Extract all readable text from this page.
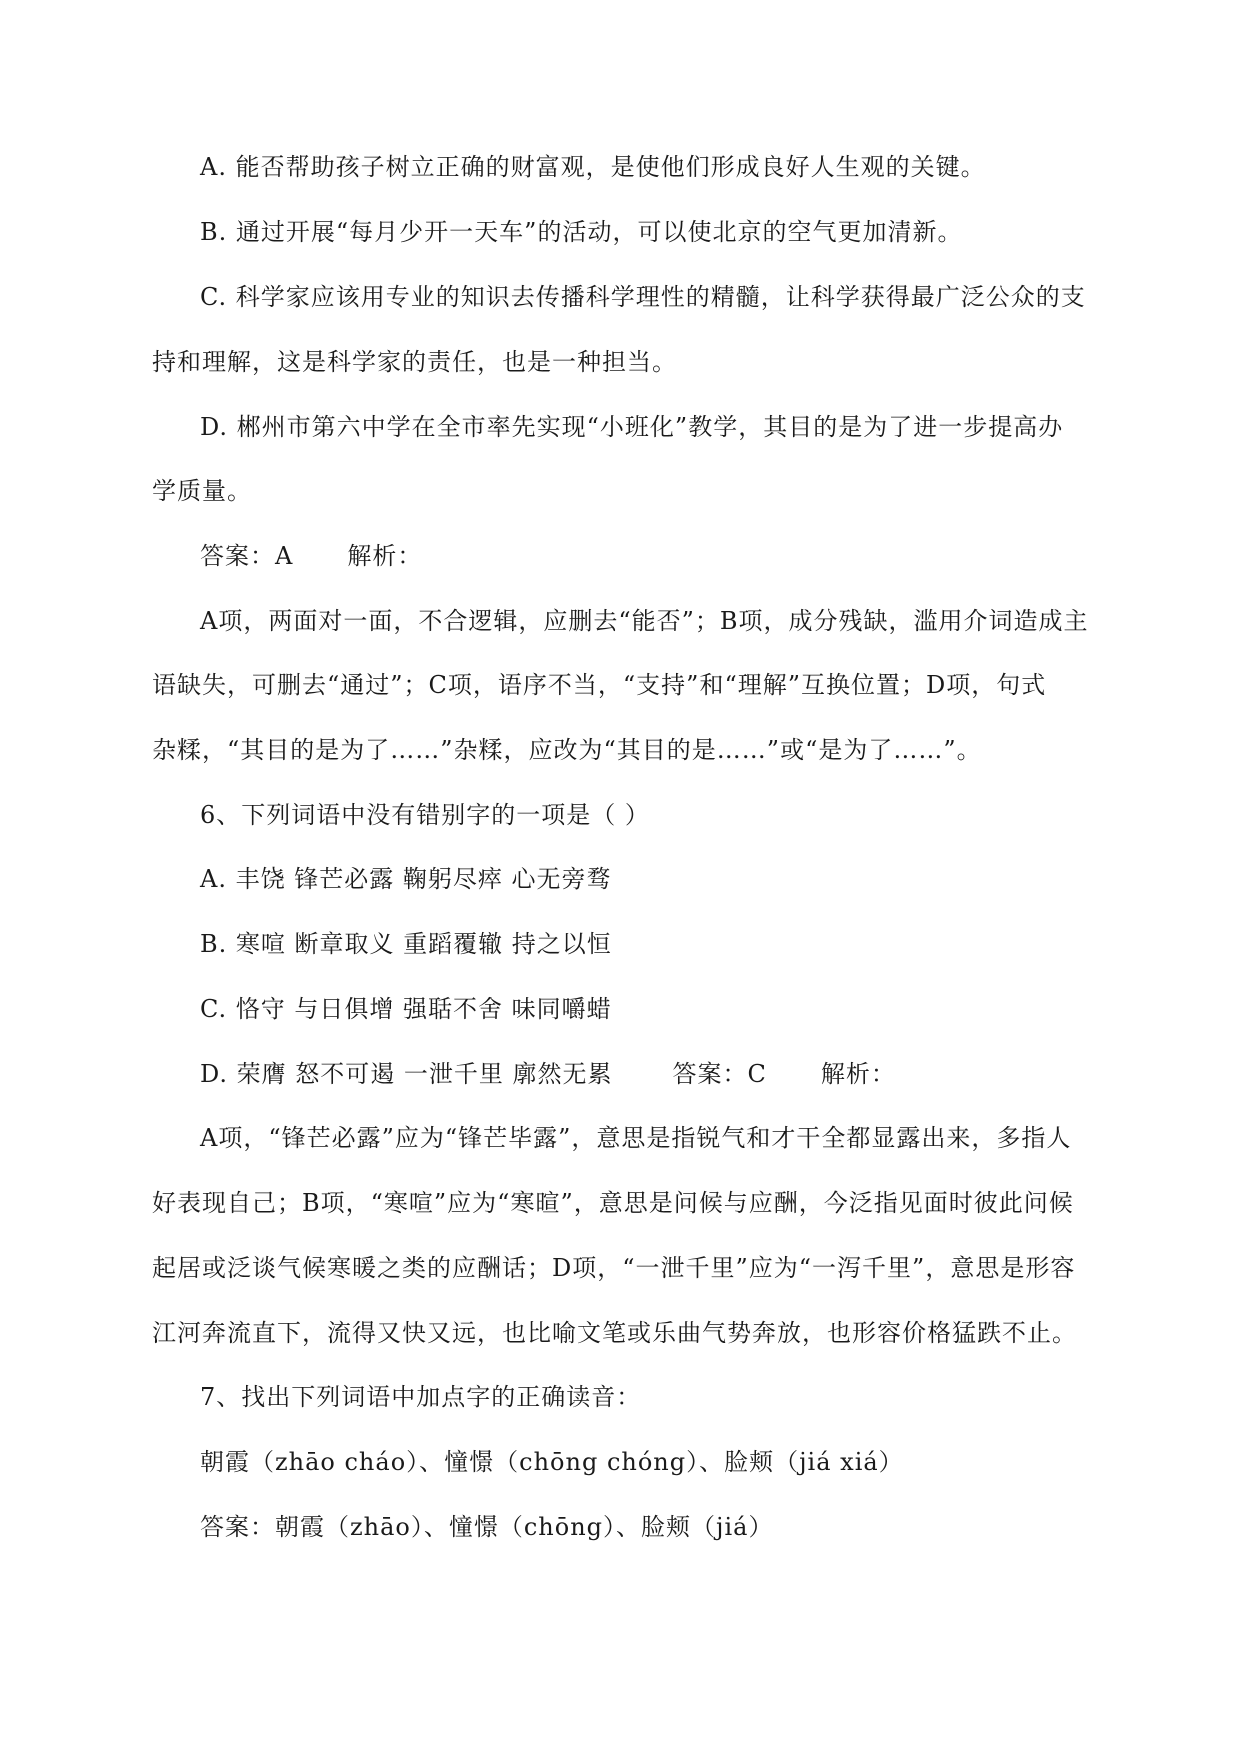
A. 能否帮助孩子树立正确的财富观，是使他们形成良好人生观的关键。
B. 通过开展“每月少开一天车”的活动，可以使北京的空气更加清新。
C. 科学家应该用专业的知识去传播科学理性的精髓，让科学获得最广泛公众的支
持和理解，这是科学家的责任，也是一种担当。
D. 郴州市第六中学在全市率先实现“小班化”教学，其目的是为了进一步提高办
学质量。
答案：A 解析：
A项，两面对一面，不合逻辑，应删去“能否”；B项，成分残缺，滥用介词造成主
语缺失，可删去“通过”；C项，语序不当，“支持”和“理解”互换位置；D项，句式
杂糅，“其目的是为了……”杂糅，应改为“其目的是……”或“是为了……”。
6、下列词语中没有错别字的一项是（ ）
A. 丰饶 锋芒必露 鞠躬尽瘁 心无旁骛
B. 寒喧 断章取义 重蹈覆辙 持之以恒
C. 恪守 与日俱增 强聒不舍 味同嚼蜡
D. 荣膺 怒不可遏 一泄千里 廓然无累	答案：C 解析：
A项，“锋芒必露”应为“锋芒毕露”，意思是指锐气和才干全都显露出来，多指人
好表现自己；B项，“寒喧”应为“寒暄”，意思是问候与应酬，今泛指见面时彼此问候
起居或泛谈气候寒暖之类的应酬话；D项，“一泄千里”应为“一泻千里”，意思是形容
江河奔流直下，流得又快又远，也比喻文笔或乐曲气势奔放，也形容价格猛跌不止。
7、找出下列词语中加点字的正确读音：
朝霞（zhāo cháo）、憧憬（chōng chóng）、脸颊（jiá xiá）
答案：朝霞（zhāo）、憧憬（chōng）、脸颊（jiá）
